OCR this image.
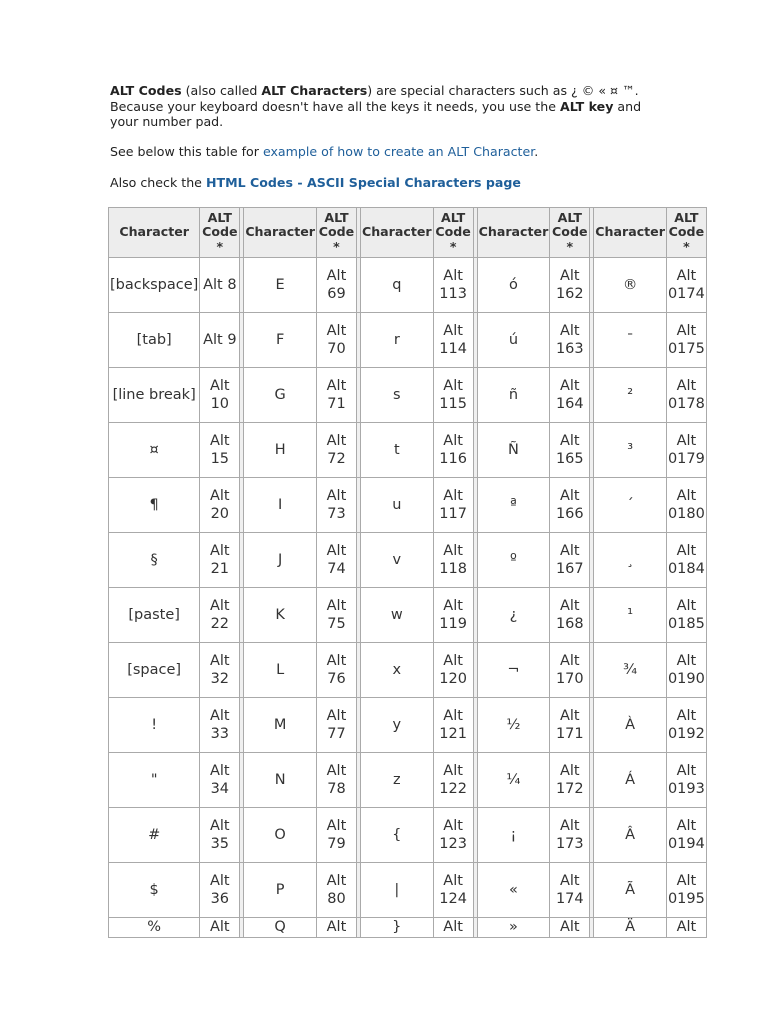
ALT Codes (also called ALT Characters) are special characters such as ¿ © « ¤ ™. Because your keyboard doesn't have all the keys it needs, you use the ALT key and your number pad.
See below this table for example of how to create an ALT Character.
Also check the HTML Codes - ASCII Special Characters page
Character	ALT Code *		Character	ALT Code *		Character	ALT Code *		Character	ALT Code *		Character	ALT Code *
[backspace]	Alt 8		E	Alt 69		q	Alt 113		ó	Alt 162		®	Alt 0174
[tab]	Alt 9		F	Alt 70		r	Alt 114		ú	Alt 163		¯	Alt 0175
[line break]	Alt 10		G	Alt 71		s	Alt 115		ñ	Alt 164		²	Alt 0178
¤	Alt 15		H	Alt 72		t	Alt 116		Ñ	Alt 165		³	Alt 0179
¶	Alt 20		I	Alt 73		u	Alt 117		ª	Alt 166		´	Alt 0180
§	Alt 21		J	Alt 74		v	Alt 118		º	Alt 167		¸	Alt 0184
[paste]	Alt 22		K	Alt 75		w	Alt 119		¿	Alt 168		¹	Alt 0185
[space]	Alt 32		L	Alt 76		x	Alt 120		¬	Alt 170		¾	Alt 0190
!	Alt 33		M	Alt 77		y	Alt 121		½	Alt 171		À	Alt 0192
"	Alt 34		N	Alt 78		z	Alt 122		¼	Alt 172		Á	Alt 0193
#	Alt 35		O	Alt 79		{	Alt 123		¡	Alt 173		Â	Alt 0194
$	Alt 36		P	Alt 80		|	Alt 124		«	Alt 174		Ã	Alt 0195
%	Alt		Q	Alt		}	Alt		»	Alt		Ä	Alt
